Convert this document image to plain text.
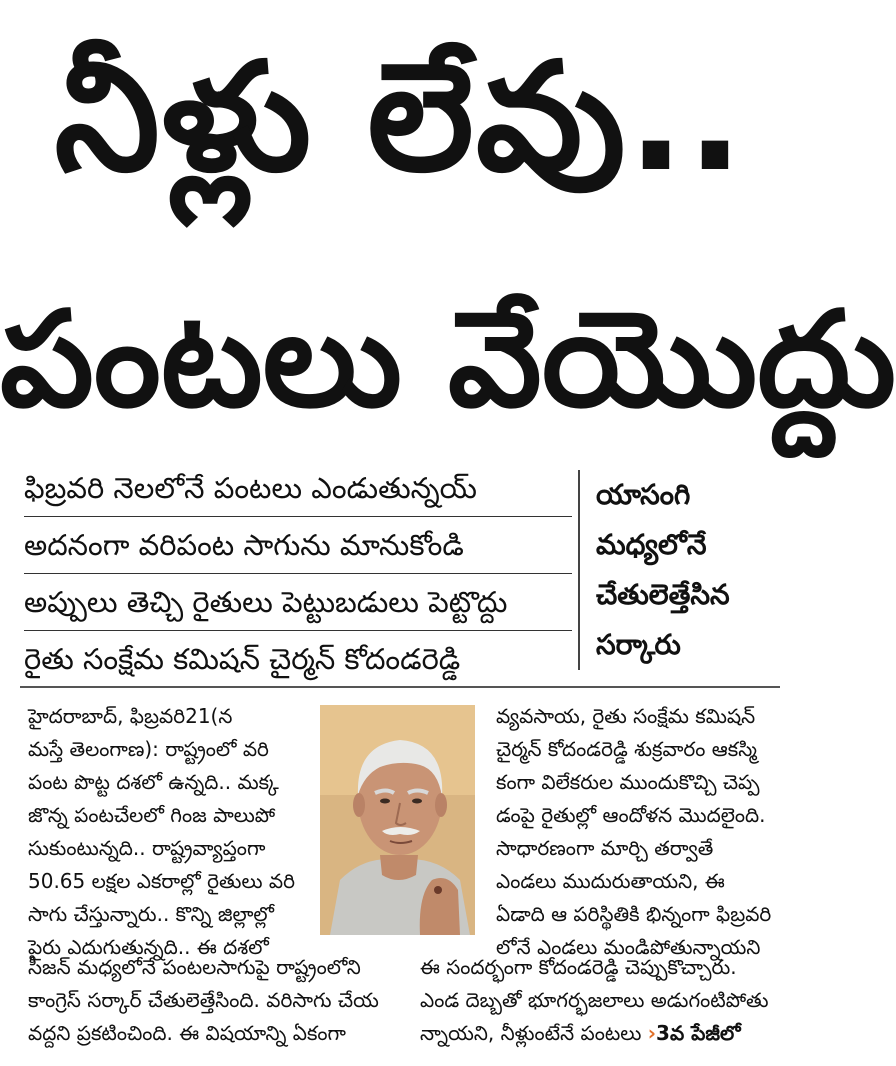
నీళ్లు లేవు..
పంటలు వేయొద్దు
ఫిబ్రవరి నెలలోనే పంటలు ఎండుతున్నయ్
అదనంగా వరిపంట సాగును మానుకోండి
అప్పులు తెచ్చి రైతులు పెట్టుబడులు పెట్టొద్దు
రైతు సంక్షేమ కమిషన్ చైర్మన్ కోదండరెడ్డి
యాసంగి
మధ్యలోనే
చేతులెత్తేసిన
సర్కారు

హైదరాబాద్, ఫిబ్రవరి21(న

మస్తే తెలంగాణ): రాష్ట్రంలో వరి

పంట పొట్ట దశలో ఉన్నది.. మక్క

జొన్న పంటచేలలో గింజ పాలుపో

సుకుంటున్నది.. రాష్ట్రవ్యాప్తంగా

50.65 లక్షల ఎకరాల్లో రైతులు వరి

సాగు చేస్తున్నారు.. కొన్ని జిల్లాల్లో

పైరు ఎదుగుతున్నది.. ఈ దశలో

సీజన్ మధ్యలోనే పంటలసాగుపై రాష్ట్రంలోని

కాంగ్రెస్ సర్కార్ చేతులెత్తేసింది. వరిసాగు చేయ

వద్దని ప్రకటించింది. ఈ విషయాన్ని ఏకంగా

వ్యవసాయ, రైతు సంక్షేమ కమిషన్

చైర్మన్ కోదండరెడ్డి శుక్రవారం ఆకస్మి

కంగా విలేకరుల ముందుకొచ్చి చెప్ప

డంపై రైతుల్లో ఆందోళన మొదలైంది.

సాధారణంగా మార్చి తర్వాతే

ఎండలు ముదురుతాయని, ఈ

ఏడాది ఆ పరిస్థితికి భిన్నంగా ఫిబ్రవరి

లోనే ఎండలు మండిపోతున్నాయని

ఈ సందర్భంగా కోదండరెడ్డి చెప్పుకొచ్చారు.

ఎండ దెబ్బతో భూగర్భజలాలు అడుగంటిపోతు

న్నాయని, నీళ్లుంటేనే పంటలు ›3వ పేజీలో
